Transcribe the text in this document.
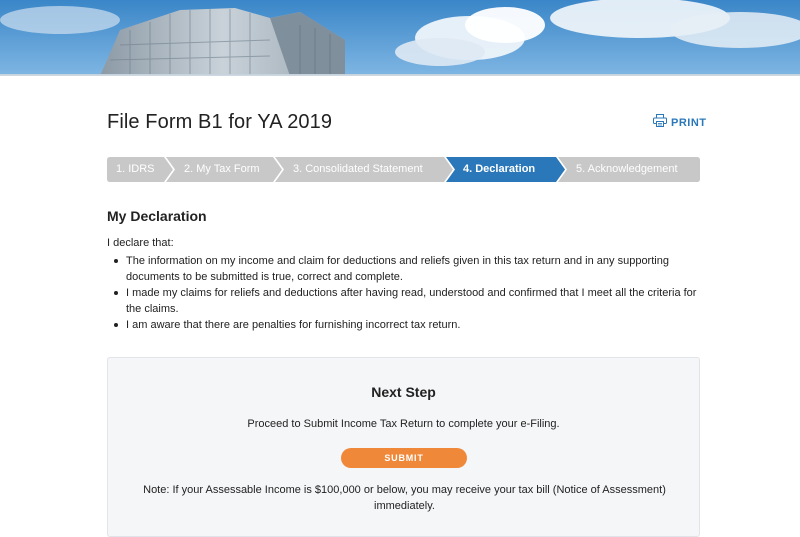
File Form B1 for YA 2019	PRINT
1. IDRS	2. My Tax Form	3. Consolidated Statement	4. Declaration	5. Acknowledgement
My Declaration

I declare that:

The information on my income and claim for deductions and reliefs given in this tax return and in any supporting documents to be submitted is true, correct and complete.
I made my claims for reliefs and deductions after having read, understood and confirmed that I meet all the criteria for the claims.
I am aware that there are penalties for furnishing incorrect tax return.
Next Step
Proceed to Submit Income Tax Return to complete your e-Filing.
SUBMIT
Note: If your Assessable Income is $100,000 or below, you may receive your tax bill (Notice of Assessment) immediately.
